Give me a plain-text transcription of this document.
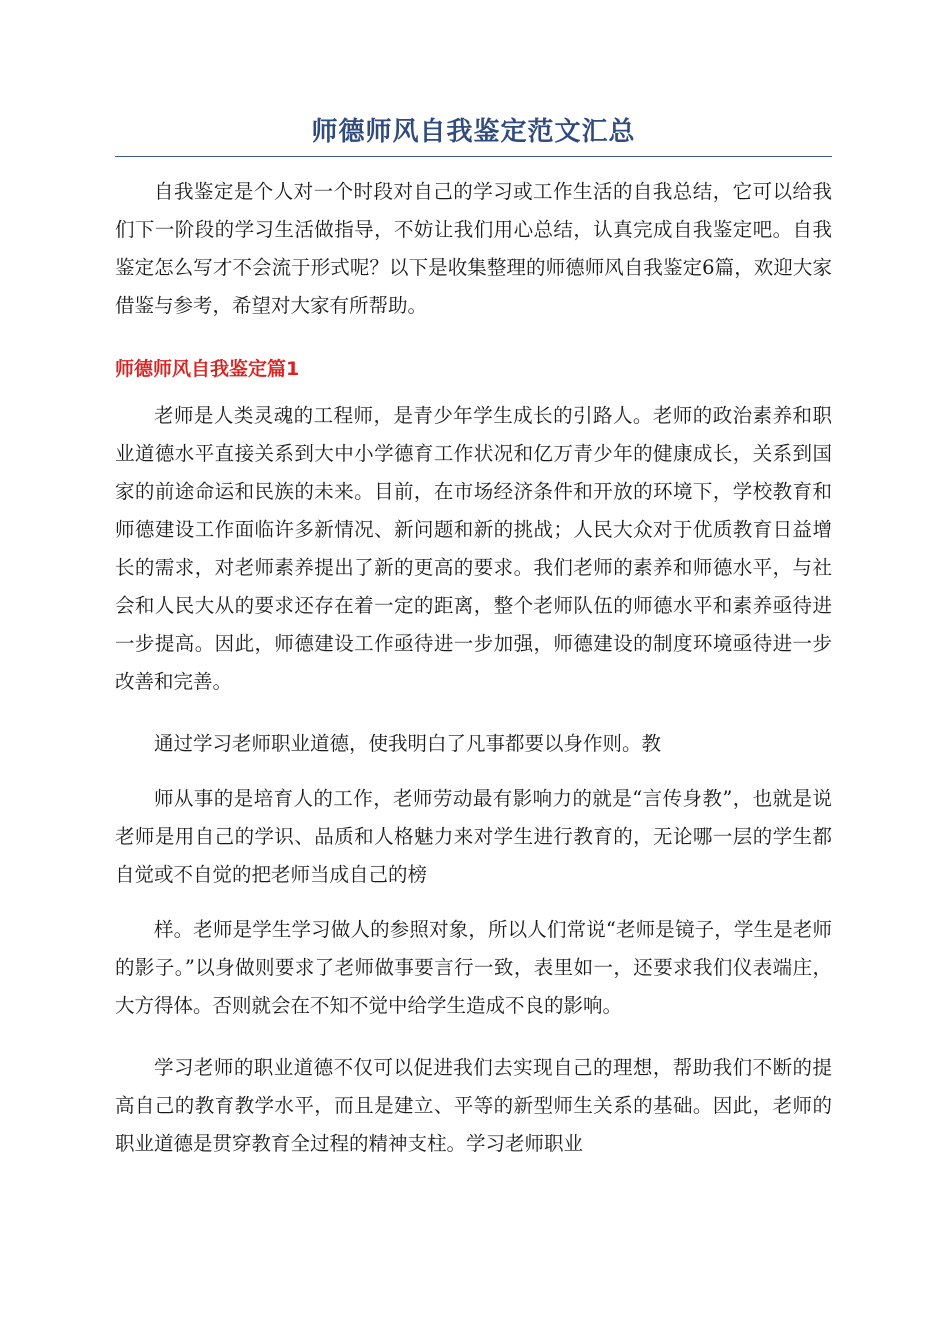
师德师风自我鉴定范文汇总

自我鉴定是个人对一个时段对自己的学习或工作生活的自我总结，它可以给我们下一阶段的学习生活做指导，不妨让我们用心总结，认真完成自我鉴定吧。自我鉴定怎么写才不会流于形式呢？以下是收集整理的师德师风自我鉴定6篇，欢迎大家借鉴与参考，希望对大家有所帮助。

师德师风自我鉴定篇1

老师是人类灵魂的工程师，是青少年学生成长的引路人。老师的政治素养和职业道德水平直接关系到大中小学德育工作状况和亿万青少年的健康成长，关系到国家的前途命运和民族的未来。目前，在市场经济条件和开放的环境下，学校教育和师德建设工作面临许多新情况、新问题和新的挑战；人民大众对于优质教育日益增长的需求，对老师素养提出了新的更高的要求。我们老师的素养和师德水平，与社会和人民大从的要求还存在着一定的距离，整个老师队伍的师德水平和素养亟待进一步提高。因此，师德建设工作亟待进一步加强，师德建设的制度环境亟待进一步改善和完善。

通过学习老师职业道德，使我明白了凡事都要以身作则。教

师从事的是培育人的工作，老师劳动最有影响力的就是“言传身教”，也就是说老师是用自己的学识、品质和人格魅力来对学生进行教育的，无论哪一层的学生都自觉或不自觉的把老师当成自己的榜

样。老师是学生学习做人的参照对象，所以人们常说“老师是镜子，学生是老师的影子。”以身做则要求了老师做事要言行一致，表里如一，还要求我们仪表端庄，大方得体。否则就会在不知不觉中给学生造成不良的影响。

学习老师的职业道德不仅可以促进我们去实现自己的理想，帮助我们不断的提高自己的教育教学水平，而且是建立、平等的新型师生关系的基础。因此，老师的职业道德是贯穿教育全过程的精神支柱。学习老师职业
